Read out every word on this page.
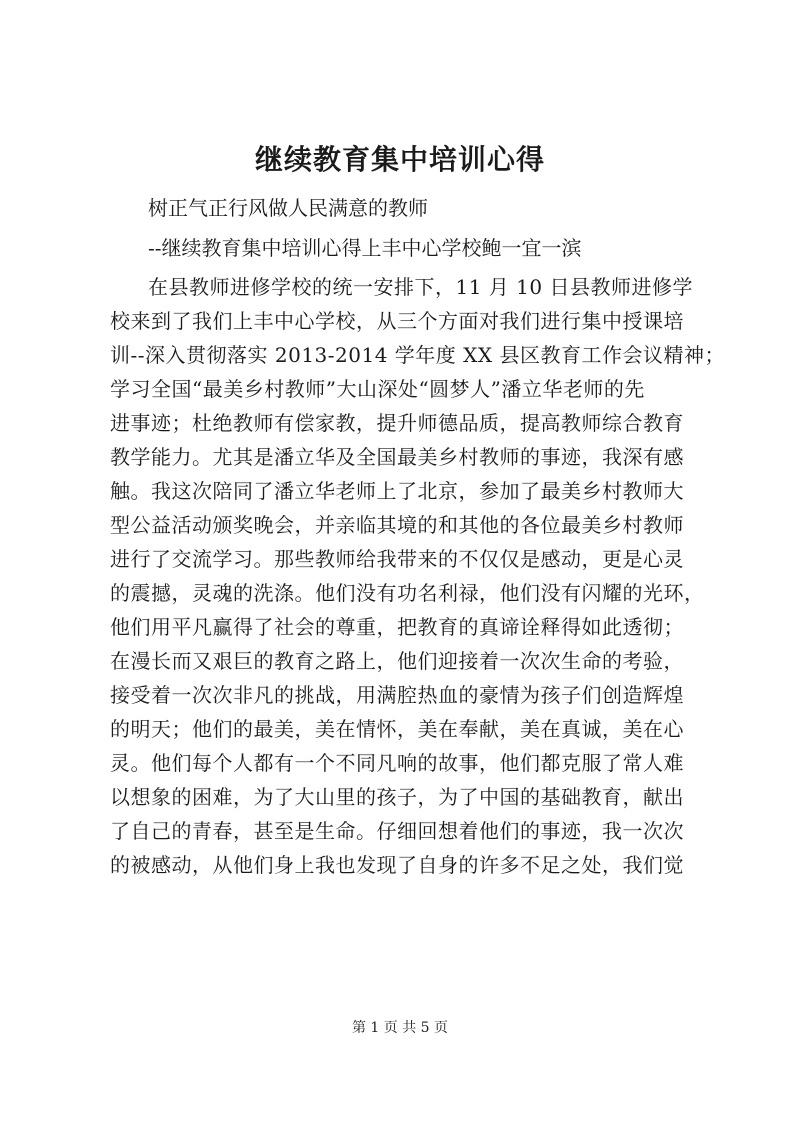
继续教育集中培训心得
树正气正行风做人民满意的教师
--继续教育集中培训心得上丰中心学校鲍一宜一滨
在县教师进修学校的统一安排下，11 月 10 日县教师进修学
校来到了我们上丰中心学校，从三个方面对我们进行集中授课培
训--深入贯彻落实 2013-2014 学年度 XX 县区教育工作会议精神；
学习全国“最美乡村教师”大山深处“圆梦人”潘立华老师的先
进事迹；杜绝教师有偿家教，提升师德品质，提高教师综合教育
教学能力。尤其是潘立华及全国最美乡村教师的事迹，我深有感
触。我这次陪同了潘立华老师上了北京，参加了最美乡村教师大
型公益活动颁奖晚会，并亲临其境的和其他的各位最美乡村教师
进行了交流学习。那些教师给我带来的不仅仅是感动，更是心灵
的震撼，灵魂的洗涤。他们没有功名利禄，他们没有闪耀的光环，
他们用平凡赢得了社会的尊重，把教育的真谛诠释得如此透彻；
在漫长而又艰巨的教育之路上，他们迎接着一次次生命的考验，
接受着一次次非凡的挑战，用满腔热血的豪情为孩子们创造辉煌
的明天；他们的最美，美在情怀，美在奉献，美在真诚，美在心
灵。他们每个人都有一个不同凡响的故事，他们都克服了常人难
以想象的困难，为了大山里的孩子，为了中国的基础教育，献出
了自己的青春，甚至是生命。仔细回想着他们的事迹，我一次次
的被感动，从他们身上我也发现了自身的许多不足之处，我们觉
第 1 页 共 5 页
